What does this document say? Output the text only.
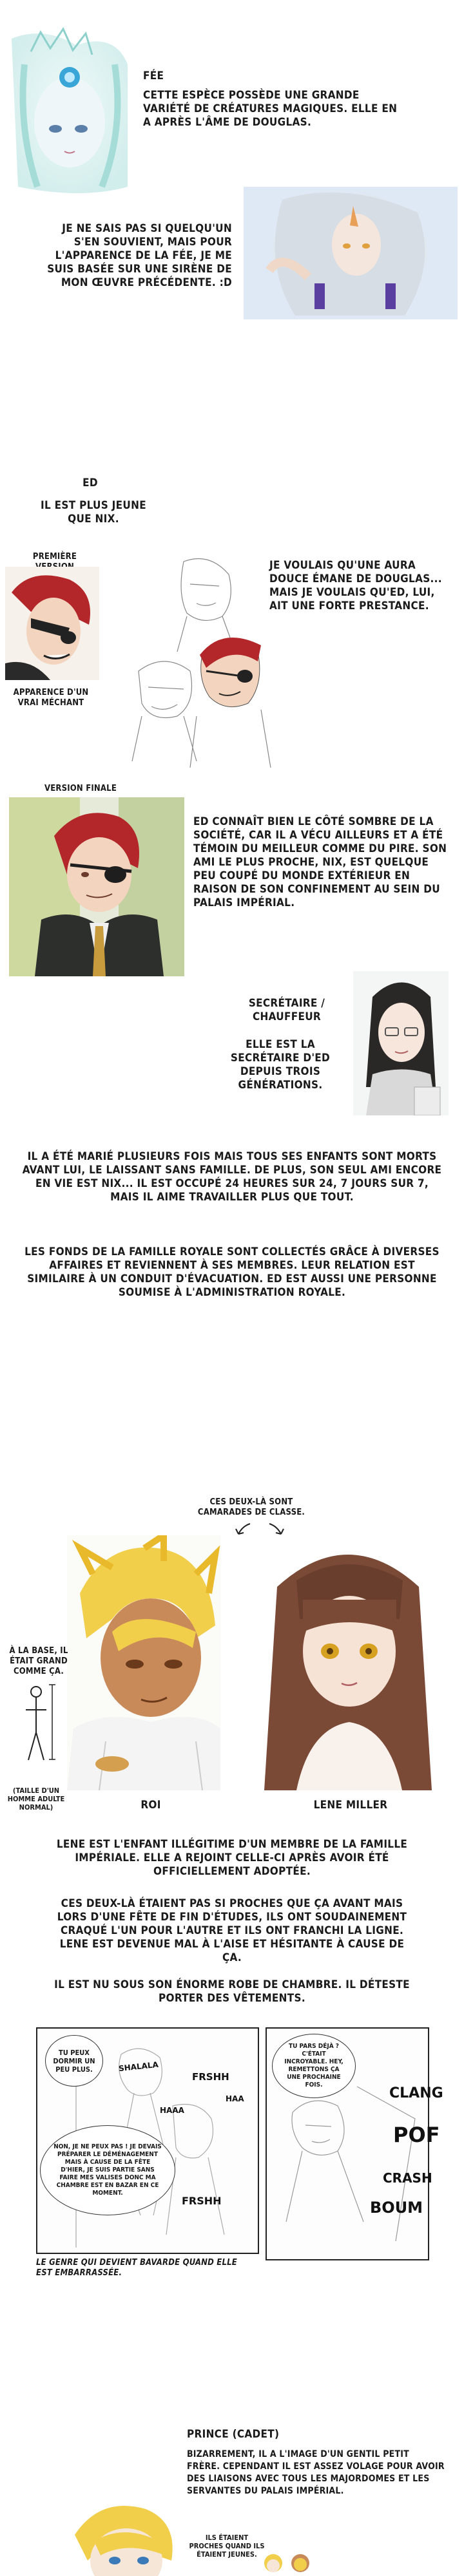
FÉE
CETTE ESPÈCE POSSÈDE UNE GRANDE VARIÉTÉ DE CRÉATURES MAGIQUES. ELLE EN A APRÈS L'ÂME DE DOUGLAS.
JE NE SAIS PAS SI QUELQU'UN S'EN SOUVIENT, MAIS POUR L'APPARENCE DE LA FÉE, JE ME SUIS BASÉE SUR UNE SIRÈNE DE MON ŒUVRE PRÉCÉDENTE. :D
ED
IL EST PLUS JEUNE QUE NIX.
PREMIÈRE
APPARENCE D'UN VRAI MÉCHANT
JE VOULAIS QU'UNE AURA DOUCE ÉMANE DE DOUGLAS... MAIS JE VOULAIS QU'ED, LUI, AIT UNE FORTE PRESTANCE.
VERSION FINALE
ED CONNAÎT BIEN LE CÔTÉ SOMBRE DE LA SOCIÉTÉ, CAR IL A VÉCU AILLEURS ET A ÉTÉ TÉMOIN DU MEILLEUR COMME DU PIRE. SON AMI LE PLUS PROCHE, NIX, EST QUELQUE PEU COUPÉ DU MONDE EXTÉRIEUR EN RAISON DE SON CONFINEMENT AU SEIN DU PALAIS IMPÉRIAL.
SECRÉTAIRE / CHAUFFEUR
ELLE EST LA SECRÉTAIRE D'ED DEPUIS TROIS GÉNÉRATIONS.
IL A ÉTÉ MARIÉ PLUSIEURS FOIS MAIS TOUS SES ENFANTS SONT MORTS AVANT LUI, LE LAISSANT SANS FAMILLE. DE PLUS, SON SEUL AMI ENCORE EN VIE EST NIX... IL EST OCCUPÉ 24 HEURES SUR 24, 7 JOURS SUR 7, MAIS IL AIME TRAVAILLER PLUS QUE TOUT.
LES FONDS DE LA FAMILLE ROYALE SONT COLLECTÉS GRÂCE À DIVERSES AFFAIRES ET REVIENNENT À SES MEMBRES. LEUR RELATION EST SIMILAIRE À UN CONDUIT D'ÉVACUATION. ED EST AUSSI UNE PERSONNE SOUMISE À L'ADMINISTRATION ROYALE.
CES DEUX-LÀ SONT CAMARADES DE CLASSE.
À LA BASE, IL ÉTAIT GRAND COMME ÇA.
(TAILLE D'UN HOMME ADULTE NORMAL)	ROI	LENE MILLER
LENE EST L'ENFANT ILLÉGITIME D'UN MEMBRE DE LA FAMILLE IMPÉRIALE. ELLE A REJOINT CELLE-CI APRÈS AVOIR ÉTÉ OFFICIELLEMENT ADOPTÉE.
CES DEUX-LÀ ÉTAIENT PAS SI PROCHES QUE ÇA AVANT MAIS LORS D'UNE FÊTE DE FIN D'ÉTUDES, ILS ONT SOUDAINEMENT CRAQUÉ L'UN POUR L'AUTRE ET ILS ONT FRANCHI LA LIGNE. LENE EST DEVENUE MAL À L'AISE ET HÉSITANTE À CAUSE DE ÇA.
IL EST NU SOUS SON ÉNORME ROBE DE CHAMBRE. IL DÉTESTE PORTER DES VÊTEMENTS.
TU PEUX DORMIR UN PEU PLUS.	SHALALA
FRSHH
HAA
HAAA
NON, JE NE PEUX PAS ! JE DEVAIS PRÉPARER LE DÉMÉNAGEMENT MAIS À CAUSE DE LA FÊTE D'HIER, JE SUIS PARTIE SANS FAIRE MES VALISES DONC MA CHAMBRE EST EN BAZAR EN CE MOMENT.
FRSHH
TU PARS DÉJÀ ? C'ÉTAIT INCROYABLE. HEY, REMETTONS ÇA UNE PROCHAINE FOIS.
CLANG
POF
CRASH
BOUM
LE GENRE QUI DEVIENT BAVARDE QUAND ELLE EST EMBARRASSÉE.
PRINCE (CADET)
BIZARREMENT, IL A L'IMAGE D'UN GENTIL PETIT FRÈRE. CEPENDANT IL EST ASSEZ VOLAGE POUR AVOIR DES LIAISONS AVEC TOUS LES MAJORDOMES ET LES SERVANTES DU PALAIS IMPÉRIAL.
ILS ÉTAIENT PROCHES QUAND ILS ÉTAIENT JEUNES.
